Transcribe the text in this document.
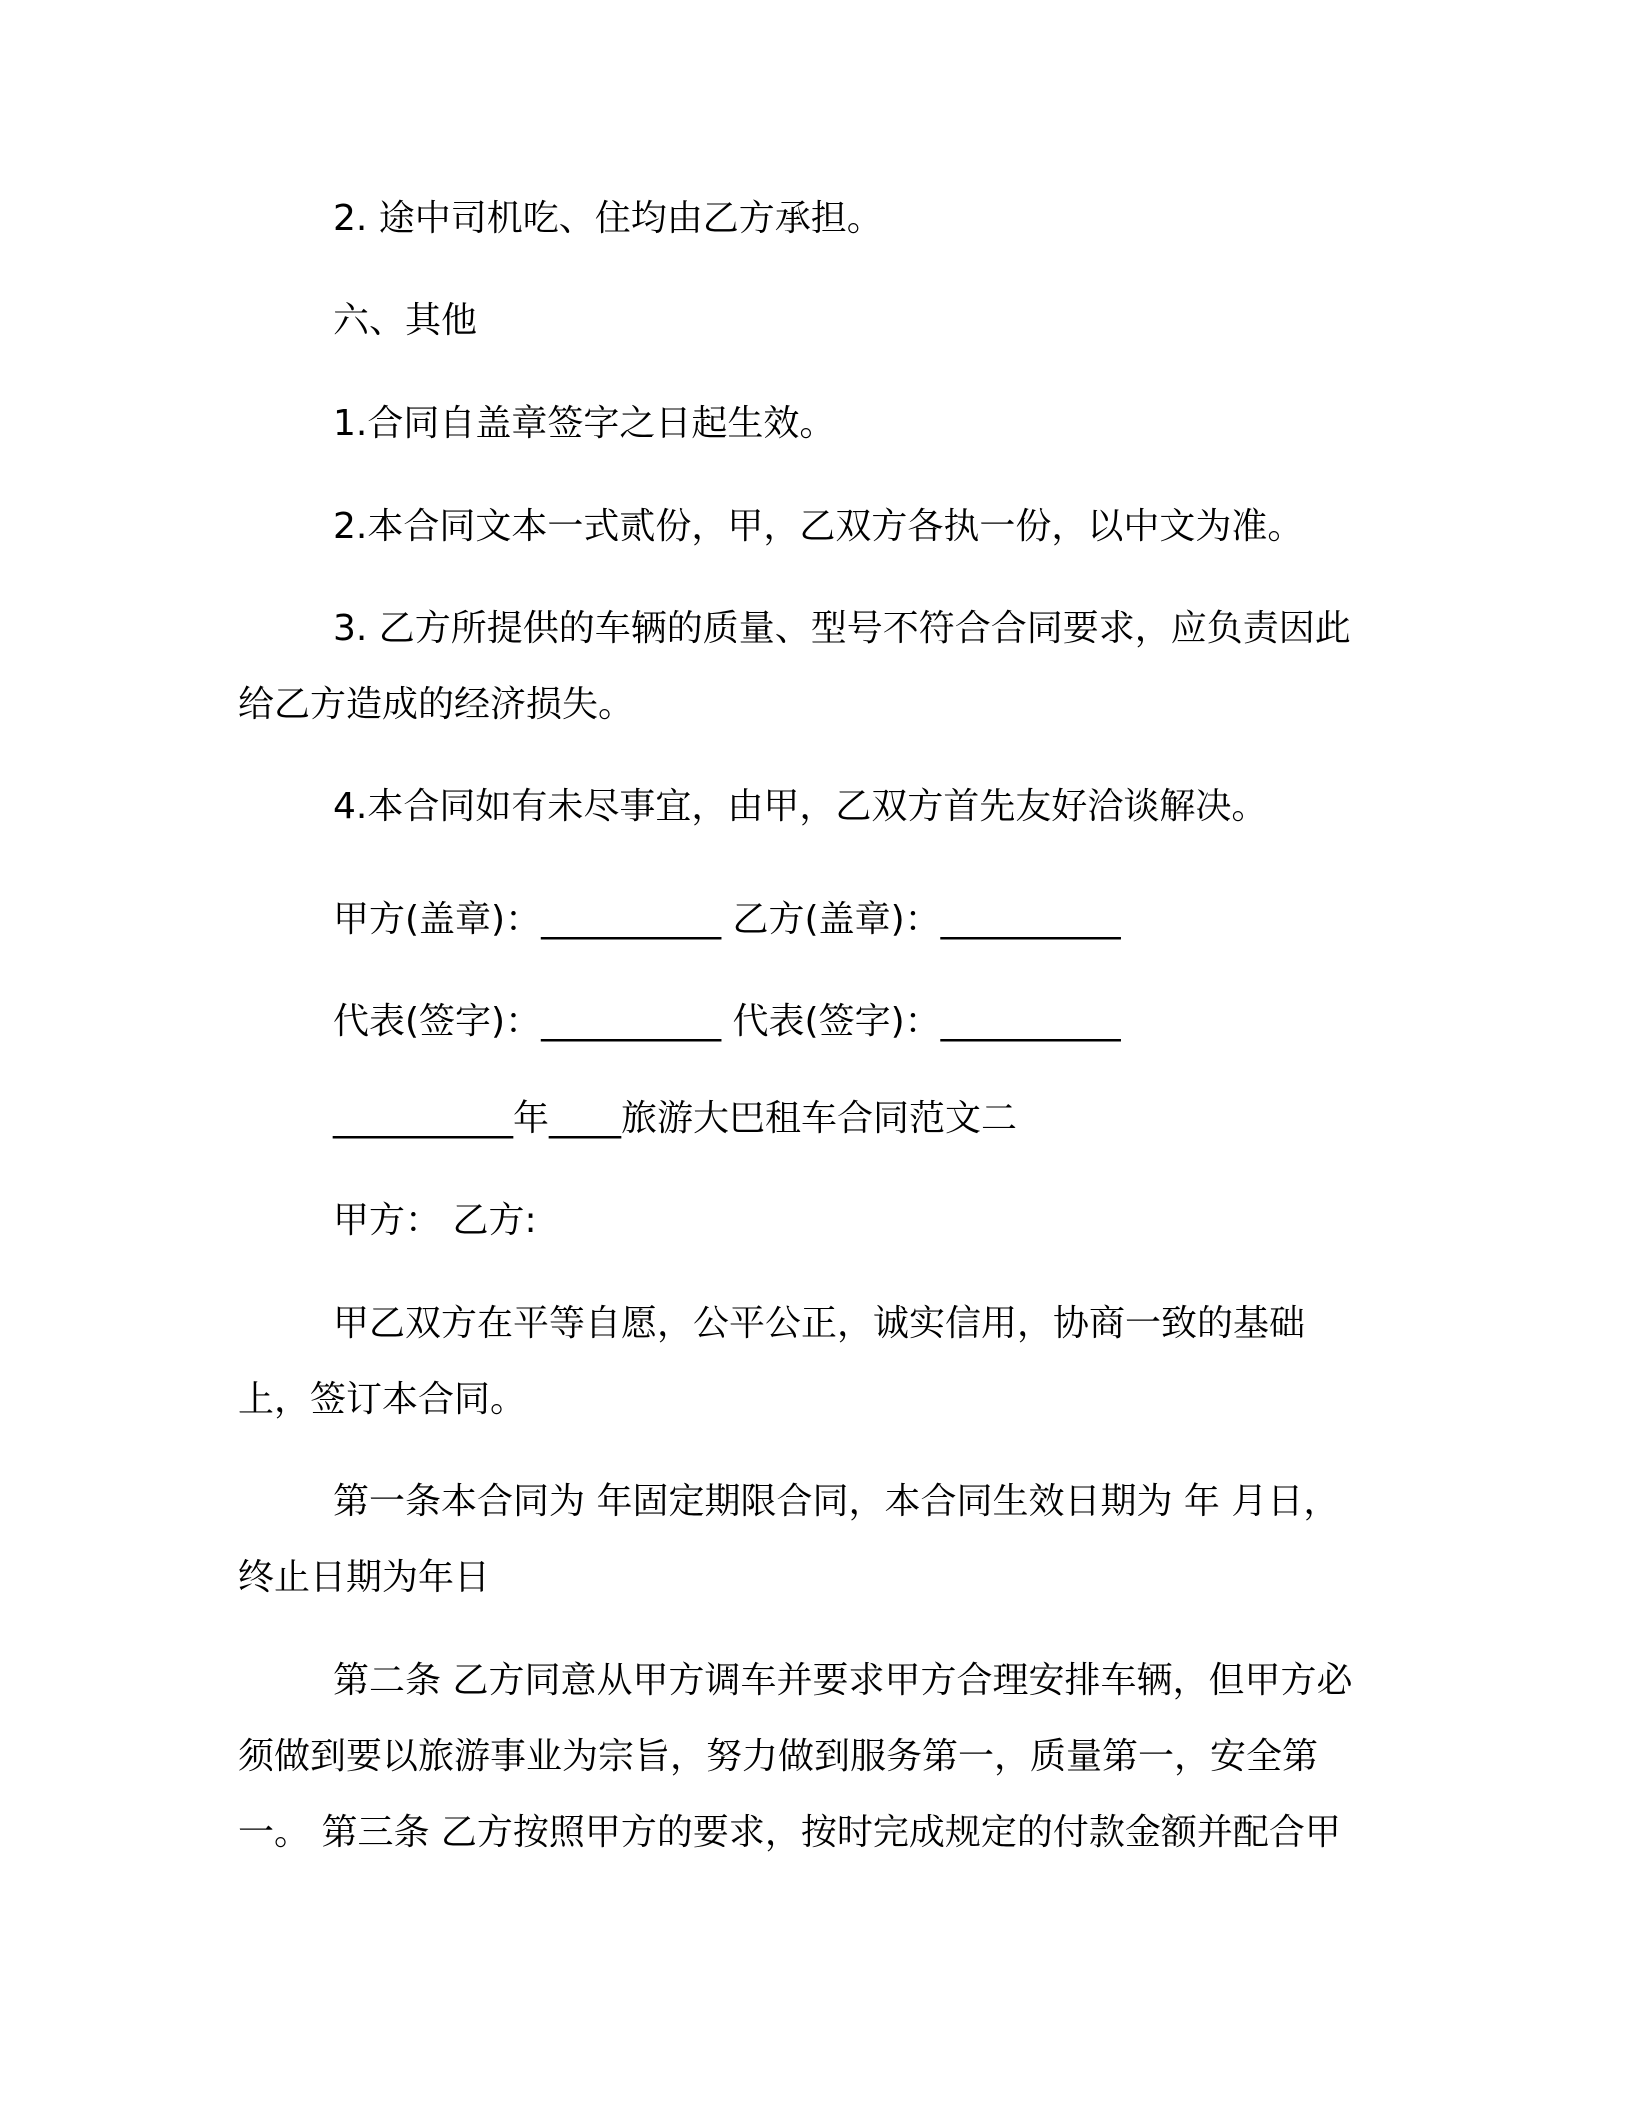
2. 途中司机吃、住均由乙方承担。
六、其他
1.合同自盖章签字之日起生效。
2.本合同文本一式贰份，甲，乙双方各执一份，以中文为准。
3. 乙方所提供的车辆的质量、型号不符合合同要求，应负责因此
给乙方造成的经济损失。
4.本合同如有未尽事宜，由甲，乙双方首先友好洽谈解决。
甲方(盖章)：__________ 乙方(盖章)：__________
代表(签字)：__________ 代表(签字)：__________
__________年____旅游大巴租车合同范文二
甲方： 乙方:
甲乙双方在平等自愿，公平公正，诚实信用，协商一致的基础
上，签订本合同。
第一条本合同为 年固定期限合同，本合同生效日期为 年 月日，
终止日期为年日
第二条 乙方同意从甲方调车并要求甲方合理安排车辆，但甲方必
须做到要以旅游事业为宗旨，努力做到服务第一，质量第一，安全第
一。 第三条 乙方按照甲方的要求，按时完成规定的付款金额并配合甲
